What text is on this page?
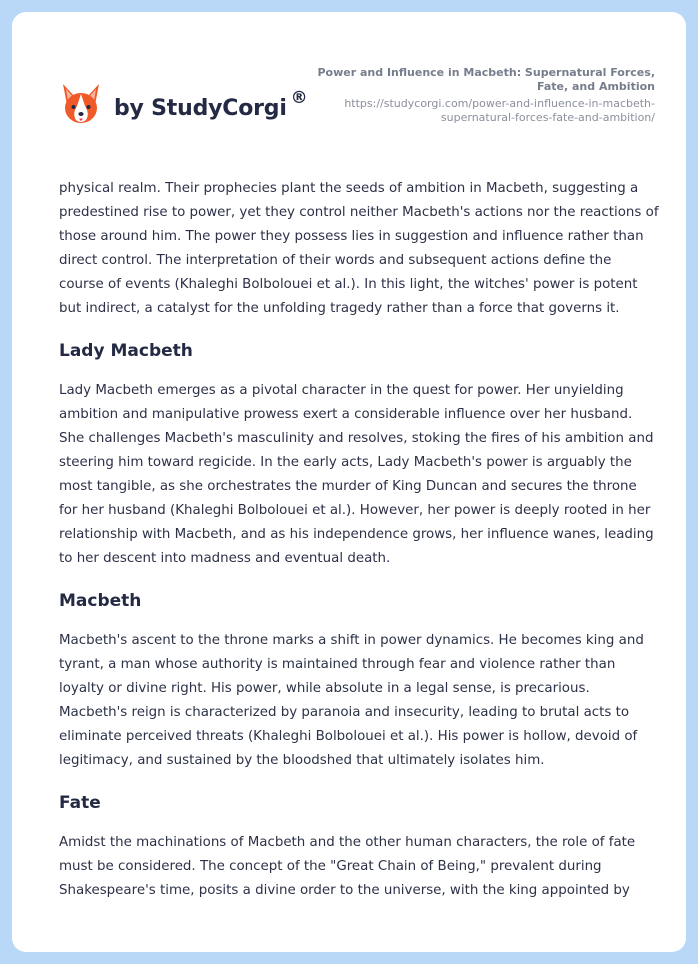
by StudyCorgi ®
Power and Influence in Macbeth: Supernatural Forces, Fate, and Ambition
https://studycorgi.com/power-and-influence-in-macbeth-supernatural-forces-fate-and-ambition/

physical realm. Their prophecies plant the seeds of ambition in Macbeth, suggesting a predestined rise to power, yet they control neither Macbeth's actions nor the reactions of those around him. The power they possess lies in suggestion and influence rather than direct control. The interpretation of their words and subsequent actions define the course of events (Khaleghi Bolbolouei et al.). In this light, the witches' power is potent but indirect, a catalyst for the unfolding tragedy rather than a force that governs it.

Lady Macbeth

Lady Macbeth emerges as a pivotal character in the quest for power. Her unyielding ambition and manipulative prowess exert a considerable influence over her husband. She challenges Macbeth's masculinity and resolves, stoking the fires of his ambition and steering him toward regicide. In the early acts, Lady Macbeth's power is arguably the most tangible, as she orchestrates the murder of King Duncan and secures the throne for her husband (Khaleghi Bolbolouei et al.). However, her power is deeply rooted in her relationship with Macbeth, and as his independence grows, her influence wanes, leading to her descent into madness and eventual death.

Macbeth

Macbeth's ascent to the throne marks a shift in power dynamics. He becomes king and tyrant, a man whose authority is maintained through fear and violence rather than loyalty or divine right. His power, while absolute in a legal sense, is precarious. Macbeth's reign is characterized by paranoia and insecurity, leading to brutal acts to eliminate perceived threats (Khaleghi Bolbolouei et al.). His power is hollow, devoid of legitimacy, and sustained by the bloodshed that ultimately isolates him.

Fate

Amidst the machinations of Macbeth and the other human characters, the role of fate must be considered. The concept of the "Great Chain of Being," prevalent during Shakespeare's time, posits a divine order to the universe, with the king appointed by
